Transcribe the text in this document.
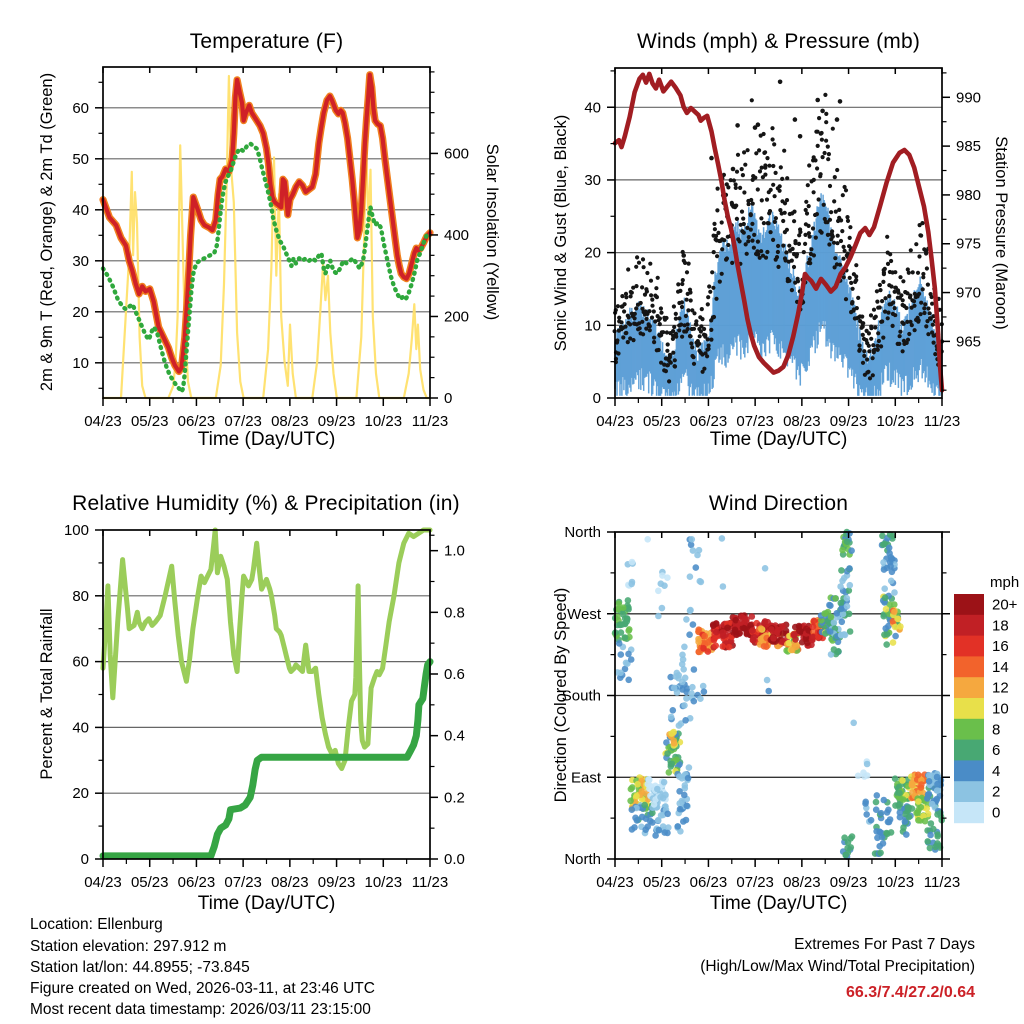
04/23 05/23 06/23 07/23 08/23 09/23 10/23 11/23
10
20
30
40
50
60
0
200
400
600
04/23 05/23 06/23 07/23 08/23 09/23 10/23 11/23
0
10
20
30
40
965
970
975
980
985
990
04/23 05/23 06/23 07/23 08/23 09/23 10/23 11/23
0
20
40
60
80
100
0.0
0.2
0.4
0.6
0.8
1.0
04/23 05/23 06/23 07/23 08/23 09/23 10/23 11/23
North
West
South
East
North
20+
18
16
14
12
10
8
6
4
2
0
Temperature (F)	Winds (mph) & Pressure (mb)
Relative Humidity (%) & Precipitation (in)	Wind Direction
Time (Day/UTC)	Time (Day/UTC)
Time (Day/UTC)	Time (Day/UTC)
2m & 9m T (Red, Orange) & 2m Td (Green)	Solar Insolation (Yellow)	Sonic Wind & Gust (Blue, Black)	Station Pressure (Maroon)
Percent & Total Rainfall	Direction (Colored By Speed)
mph
Location: Ellenburg
Station elevation: 297.912 m
Station lat/lon: 44.8955; -73.845
Figure created on Wed, 2026-03-11, at 23:46 UTC
Most recent data timestamp: 2026/03/11 23:15:00
Extremes For Past 7 Days
(High/Low/Max Wind/Total Precipitation)
66.3/7.4/27.2/0.64
